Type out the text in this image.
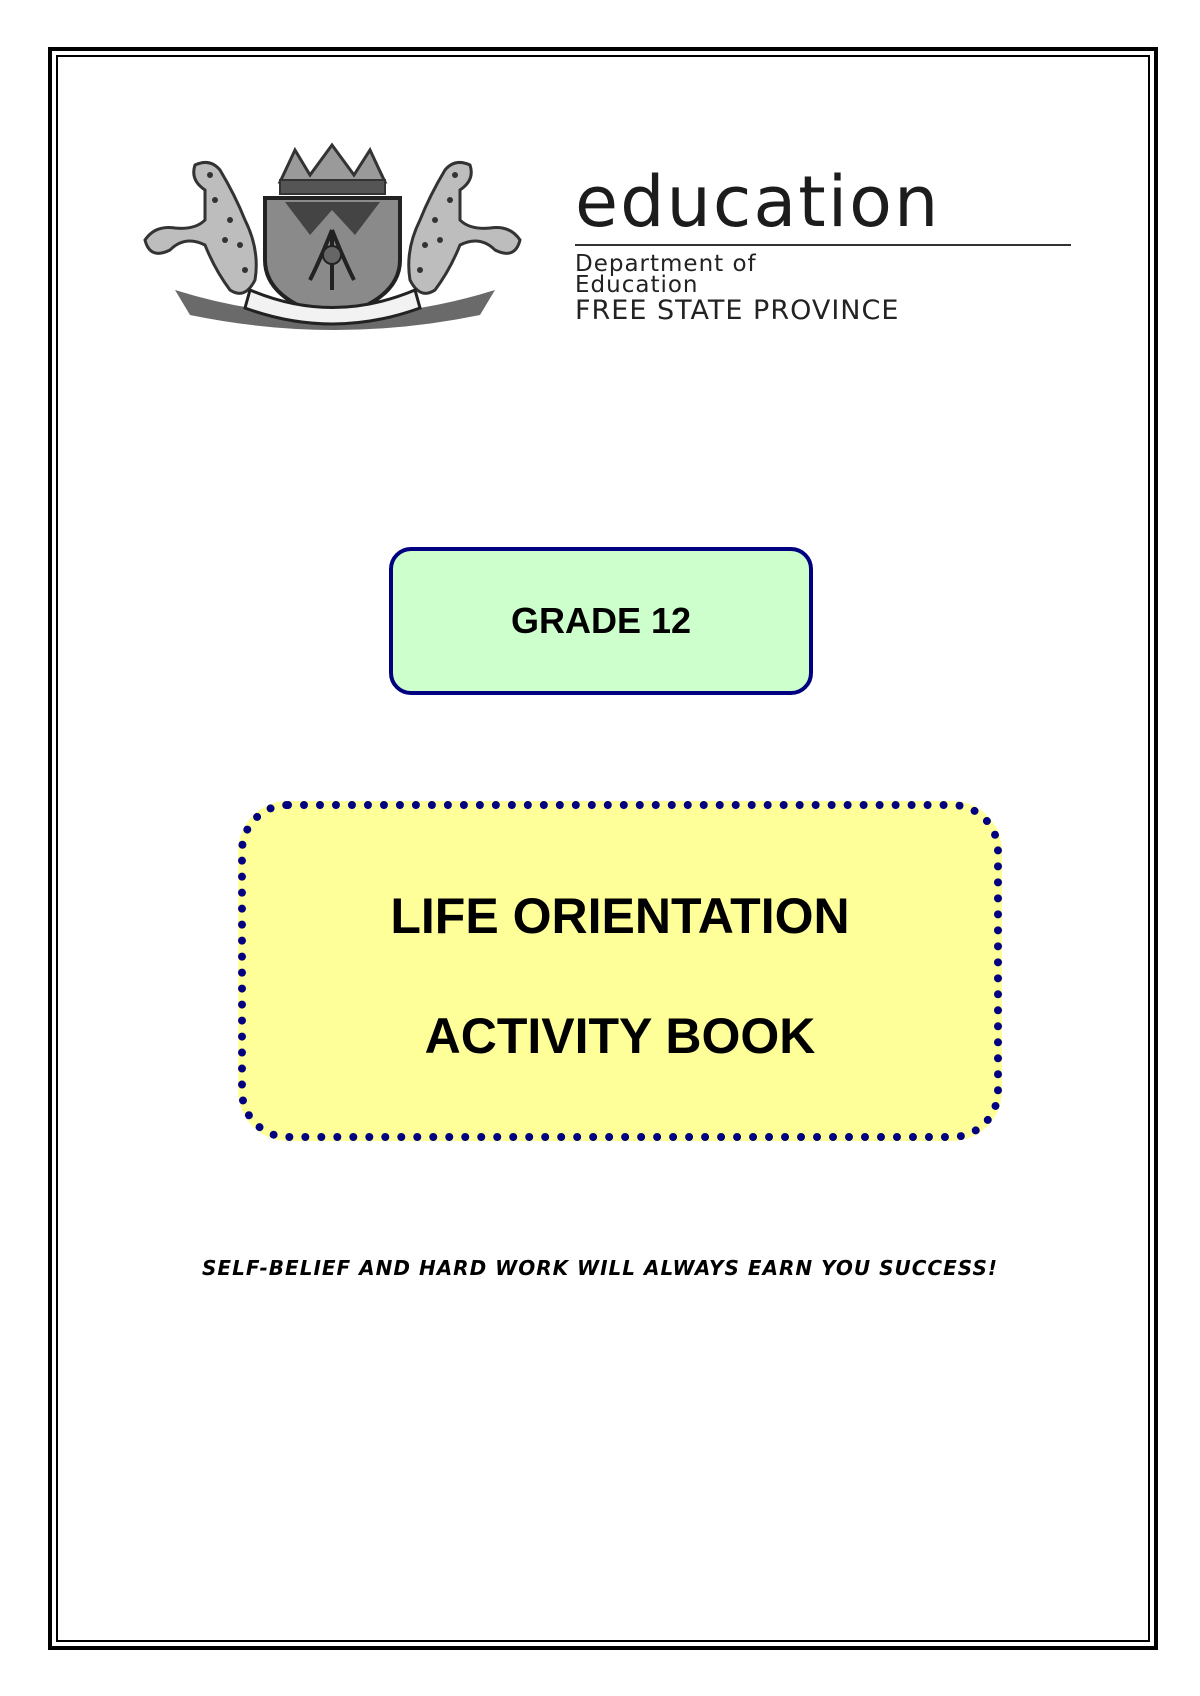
education
Department of
Education
FREE STATE PROVINCE
GRADE 12
LIFE ORIENTATION
ACTIVITY BOOK
SELF-BELIEF AND HARD WORK WILL ALWAYS EARN YOU SUCCESS!
